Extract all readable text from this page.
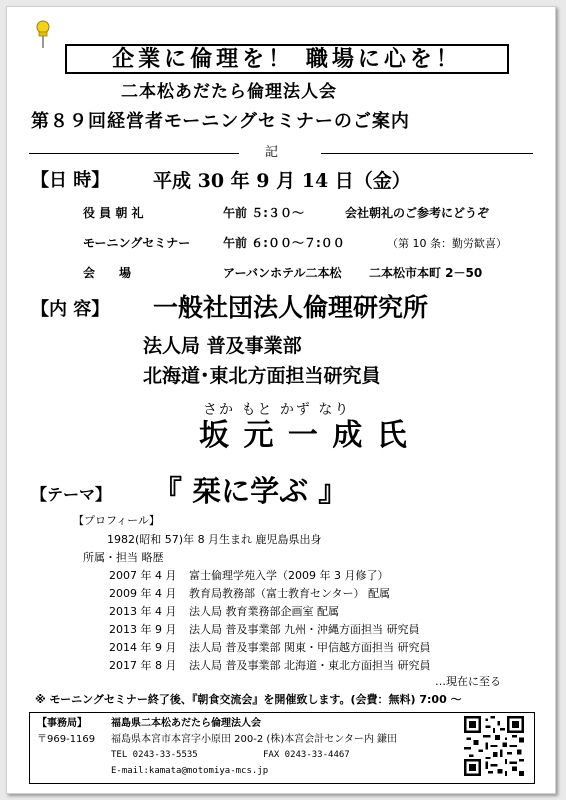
企業に倫理を！ 職場に心を！
二本松あだたら倫理法人会
第８９回経営者モーニングセミナーのご案内
記
【日 時】 平成 30 年 9 月 14 日（金）
役 員 朝 礼	午前 ５:３０～	会社朝礼のご参考にどうぞ
モーニングセミナー	午前 ６:００～７:００	（第 10 条：勤労歓喜）
会　　場	アーバンホテル二本松 二本松市本町 2－50
【内 容】 一般社団法人倫理研究所
法人局 普及事業部
北海道･東北方面担当研究員
さか もと かず なり
坂 元 一 成 氏
【テーマ】 『 栞に学ぶ 』
【プロフィール】
1982(昭和 57)年 8 月生まれ 鹿児島県出身
所属・担当 略歴
2007 年 4 月 富士倫理学苑入学（2009 年 3 月修了）
2009 年 4 月 教育局教務部（富士教育センター） 配属
2013 年 4 月 法人局 教育業務部企画室 配属
2013 年 9 月 法人局 普及事業部 九州・沖縄方面担当 研究員
2014 年 9 月 法人局 普及事業部 関東・甲信越方面担当 研究員
2017 年 8 月 法人局 普及事業部 北海道・東北方面担当 研究員
…現在に至る
※ モーニングセミナー終了後、『朝食交流会』を開催致します。(会費：無料) 7:00 ～
【事務局】 福島県二本松あだたら倫理法人会
〒969-1169 福島県本宮市本宮字小原田 200-2 (株)本宮会計センター内 鎌田
TEL 0243-33-5535	FAX 0243-33-4467
E-mail:kamata@motomiya-mcs.jp
